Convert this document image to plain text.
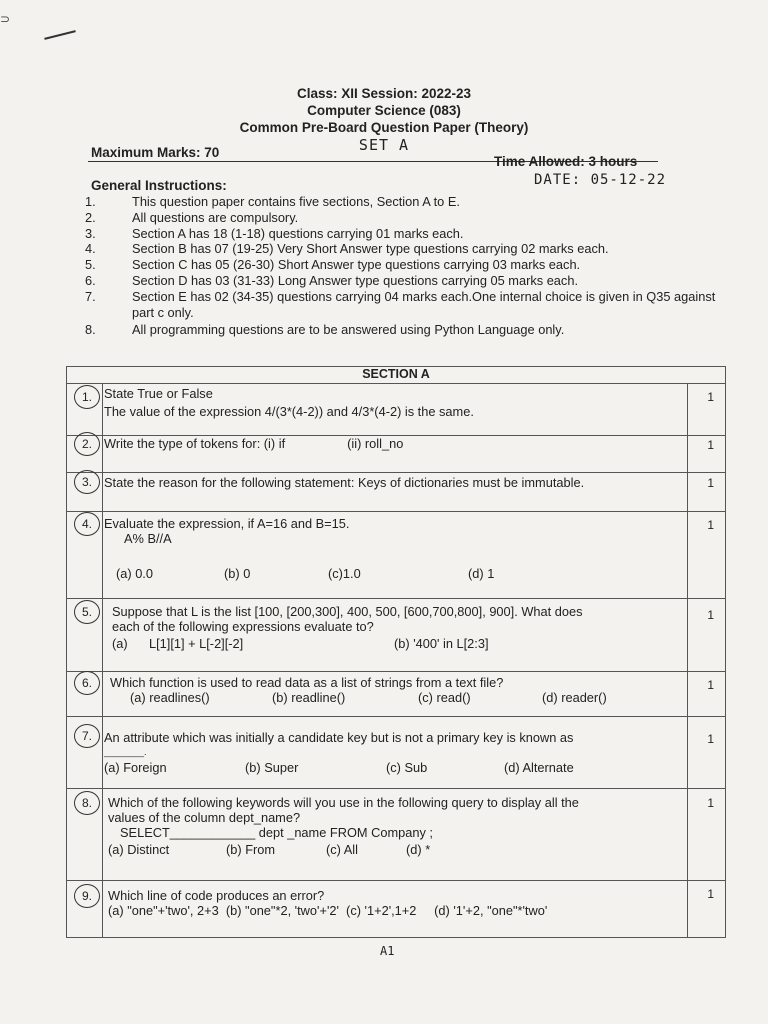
⊃
Class: XII Session: 2022-23
Computer Science (083)
Common Pre-Board Question Paper (Theory)
SET A
Maximum Marks: 70
Time Allowed: 3 hours
DATE: 05-12-22
General Instructions:
1.	This question paper contains five sections, Section A to E.
2.	All questions are compulsory.
3.	Section A has 18 (1-18) questions carrying 01 marks each.
4.	Section B has 07 (19-25) Very Short Answer type questions carrying 02 marks each.
5.	Section C has 05 (26-30) Short Answer type questions carrying 03 marks each.
6.	Section D has 03 (31-33) Long Answer type questions carrying 05 marks each.
7.	Section E has 02 (34-35) questions carrying 04 marks each.One internal choice is given in Q35 against part c only.
8.	All programming questions are to be answered using Python Language only.
SECTION A
1. State True or False
The value of the expression 4/(3*(4-2)) and 4/3*(4-2) is the same.
1
2. Write the type of tokens for: (i) if	(ii) roll_no	1
3. State the reason for the following statement: Keys of dictionaries must be immutable.	1
4. Evaluate the expression, if A=16 and B=15.
A% B//A
(a) 0.0	(b) 0	(c)1.0	(d) 1
1
5.	Suppose that L is the list [100, [200,300], 400, 500, [600,700,800], 900]. What does
each of the following expressions evaluate to?
(a)      L[1][1] + L[-2][-2]	(b) '400' in L[2:3]
1
6.	Which function is used to read data as a list of strings from a text file?
(a) readlines()	(b) readline()	(c) read()	(d) reader()
1
7. An attribute which was initially a candidate key but is not a primary key is known as
________.
(a) Foreign	(b) Super	(c) Sub	(d) Alternate
1
8.	Which of the following keywords will you use in the following query to display all the
values of the column dept_name?
SELECT____________ dept _name FROM Company ;
(a) Distinct	(b) From	(c) All	(d) *
1
9.	Which line of code produces an error?
(a) "one"+'two', 2+3  (b) "one"*2, 'two'+'2'  (c) '1+2',1+2     (d) '1'+2, "one"*'two'
1
A1
